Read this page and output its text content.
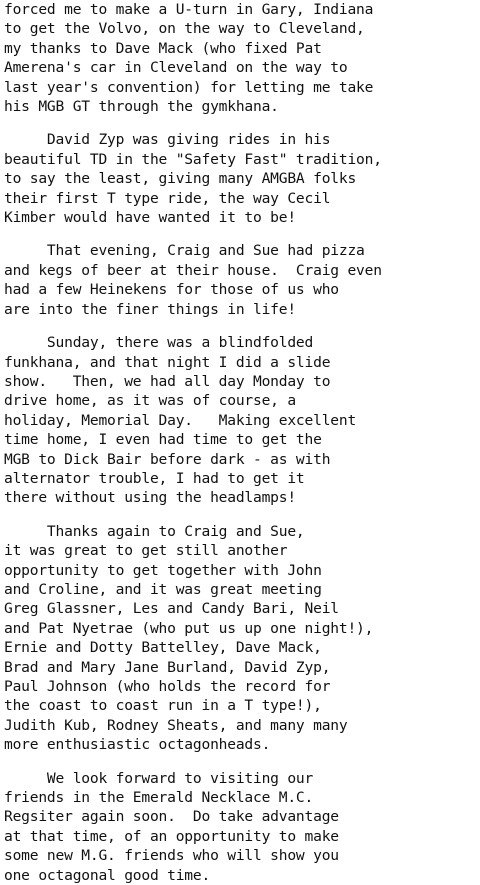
forced me to make a U-turn in Gary, Indiana
to get the Volvo, on the way to Cleveland,
my thanks to Dave Mack (who fixed Pat
Amerena's car in Cleveland on the way to
last year's convention) for letting me take
his MGB GT through the gymkhana.
David Zyp was giving rides in his
beautiful TD in the "Safety Fast" tradition,
to say the least, giving many AMGBA folks
their first T type ride, the way Cecil
Kimber would have wanted it to be!
That evening, Craig and Sue had pizza
and kegs of beer at their house.  Craig even
had a few Heinekens for those of us who
are into the finer things in life!
Sunday, there was a blindfolded
funkhana, and that night I did a slide
show.   Then, we had all day Monday to
drive home, as it was of course, a
holiday, Memorial Day.   Making excellent
time home, I even had time to get the
MGB to Dick Bair before dark - as with
alternator trouble, I had to get it
there without using the headlamps!
Thanks again to Craig and Sue,
it was great to get still another
opportunity to get together with John
and Croline, and it was great meeting
Greg Glassner, Les and Candy Bari, Neil
and Pat Nyetrae (who put us up one night!),
Ernie and Dotty Battelley, Dave Mack,
Brad and Mary Jane Burland, David Zyp,
Paul Johnson (who holds the record for
the coast to coast run in a T type!),
Judith Kub, Rodney Sheats, and many many
more enthusiastic octagonheads.
We look forward to visiting our
friends in the Emerald Necklace M.C.
Regsiter again soon.  Do take advantage
at that time, of an opportunity to make
some new M.G. friends who will show you
one octagonal good time.
